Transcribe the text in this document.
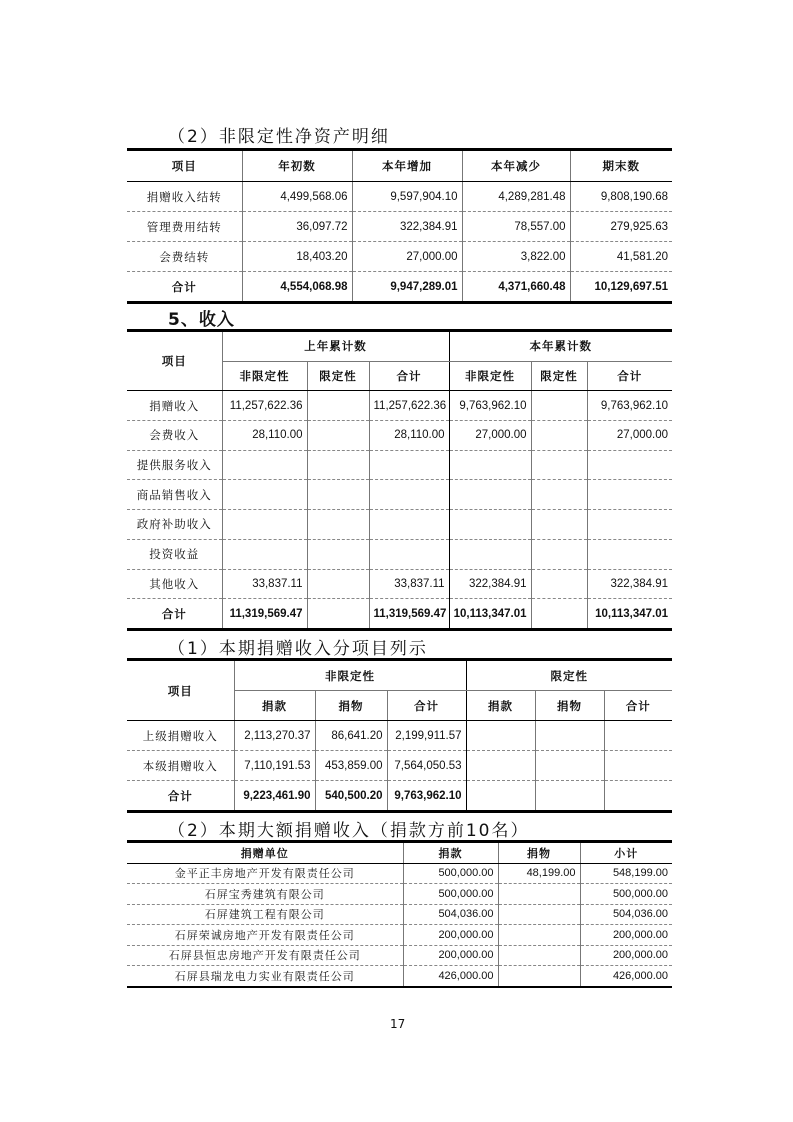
（2）非限定性净资产明细
项目	年初数	本年增加	本年减少	期末数
捐赠收入结转	4,499,568.06	9,597,904.10	4,289,281.48	9,808,190.68
管理费用结转	36,097.72	322,384.91	78,557.00	279,925.63
会费结转	18,403.20	27,000.00	3,822.00	41,581.20
合计	4,554,068.98	9,947,289.01	4,371,660.48	10,129,697.51
5、收入
项目	上年累计数			本年累计数		
	非限定性	限定性	合计	非限定性	限定性	合计
捐赠收入	11,257,622.36		11,257,622.36	9,763,962.10		9,763,962.10
会费收入	28,110.00		28,110.00	27,000.00		27,000.00
提供服务收入						
商品销售收入						
政府补助收入						
投资收益						
其他收入	33,837.11		33,837.11	322,384.91		322,384.91
合计	11,319,569.47		11,319,569.47	10,113,347.01		10,113,347.01
（1）本期捐赠收入分项目列示
项目	非限定性			限定性		
	捐款	捐物	合计	捐款	捐物	合计
上级捐赠收入	2,113,270.37	86,641.20	2,199,911.57			
本级捐赠收入	7,110,191.53	453,859.00	7,564,050.53			
合计	9,223,461.90	540,500.20	9,763,962.10			
（2）本期大额捐赠收入（捐款方前10名）
捐赠单位	捐款	捐物	小计
金平正丰房地产开发有限责任公司	500,000.00	48,199.00	548,199.00
石屏宝秀建筑有限公司	500,000.00		500,000.00
石屏建筑工程有限公司	504,036.00		504,036.00
石屏荣诚房地产开发有限责任公司	200,000.00		200,000.00
石屏县恒忠房地产开发有限责任公司	200,000.00		200,000.00
石屏县瑞龙电力实业有限责任公司	426,000.00		426,000.00
17
